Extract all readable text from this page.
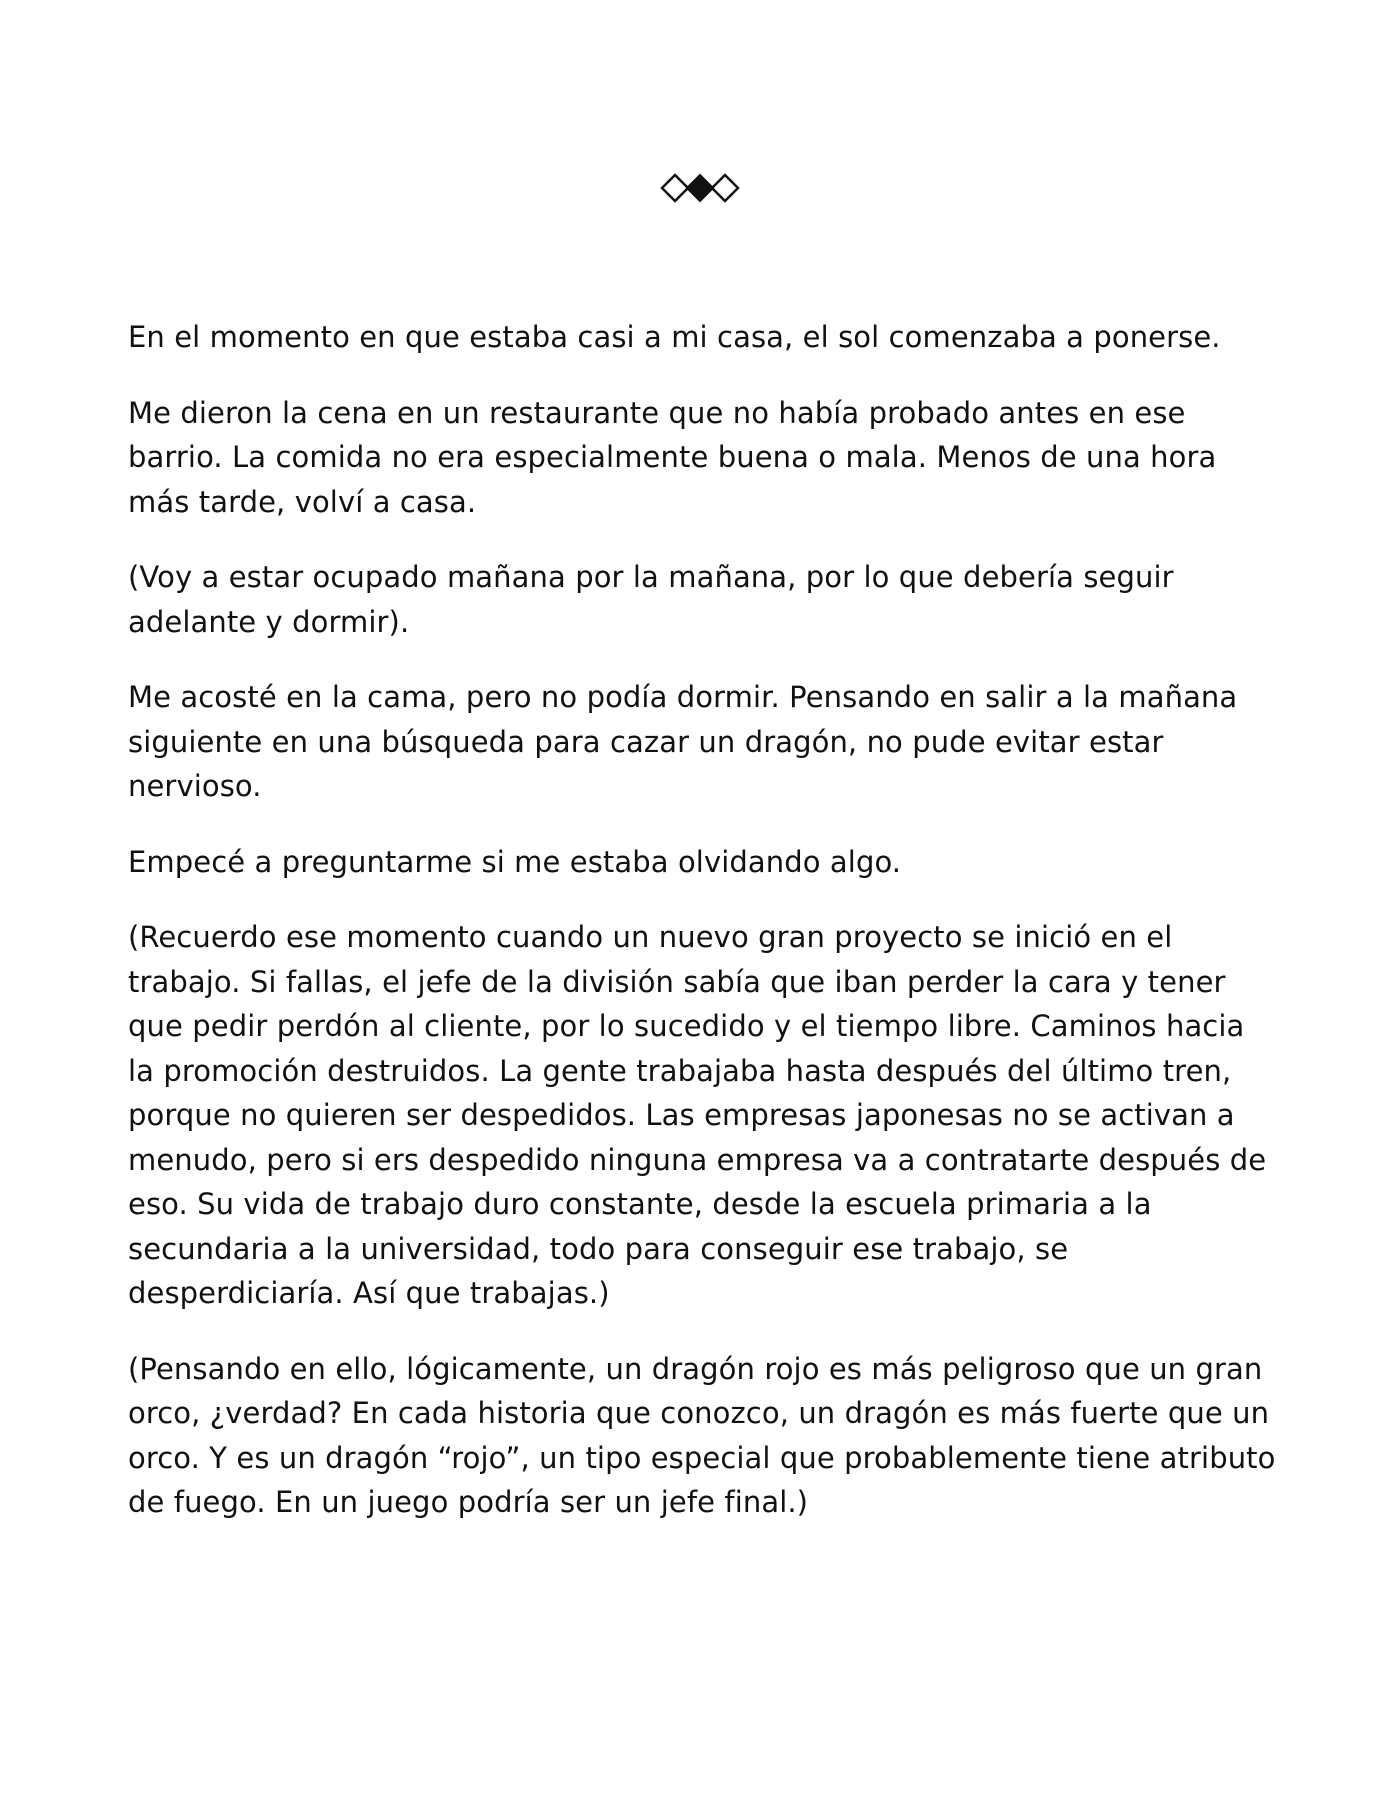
En el momento en que estaba casi a mi casa, el sol comenzaba a ponerse.

Me dieron la cena en un restaurante que no había probado antes en ese barrio. La comida no era especialmente buena o mala. Menos de una hora más tarde, volví a casa.

(Voy a estar ocupado mañana por la mañana, por lo que debería seguir adelante y dormir).

Me acosté en la cama, pero no podía dormir. Pensando en salir a la mañana siguiente en una búsqueda para cazar un dragón, no pude evitar estar nervioso.

Empecé a preguntarme si me estaba olvidando algo.

(Recuerdo ese momento cuando un nuevo gran proyecto se inició en el trabajo. Si fallas, el jefe de la división sabía que iban perder la cara y tener que pedir perdón al cliente, por lo sucedido y el tiempo libre. Caminos hacia la promoción destruidos. La gente trabajaba hasta después del último tren, porque no quieren ser despedidos. Las empresas japonesas no se activan a menudo, pero si ers despedido ninguna empresa va a contratarte después de eso. Su vida de trabajo duro constante, desde la escuela primaria a la secundaria a la universidad, todo para conseguir ese trabajo, se desperdiciaría. Así que trabajas.)

(Pensando en ello, lógicamente, un dragón rojo es más peligroso que un gran orco, ¿verdad? En cada historia que conozco, un dragón es más fuerte que un orco. Y es un dragón “rojo”, un tipo especial que probablemente tiene atributo de fuego. En un juego podría ser un jefe final.)
